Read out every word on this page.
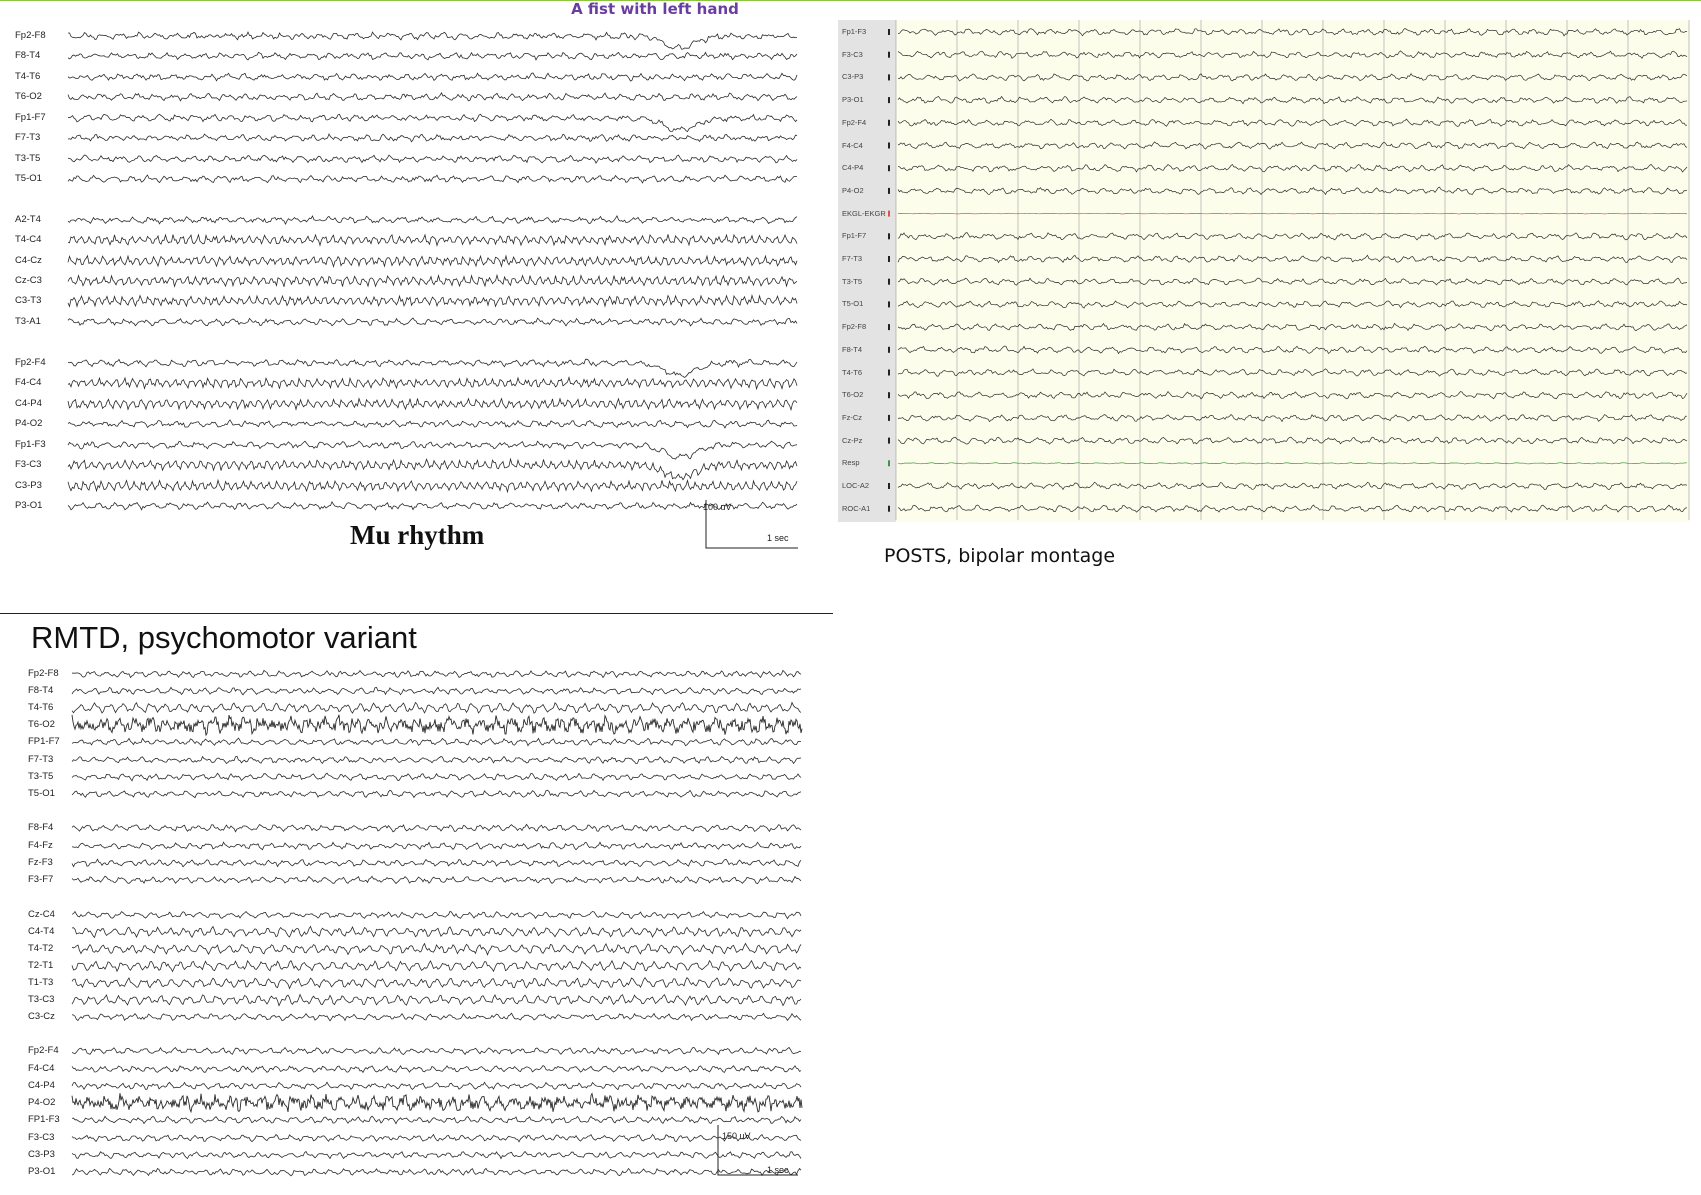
A fist with left hand
Fp2-F8
F8-T4
T4-T6
T6-O2
Fp1-F7
F7-T3
T3-T5
T5-O1
A2-T4
T4-C4
C4-Cz
Cz-C3
C3-T3
T3-A1
Fp2-F4
F4-C4
C4-P4
P4-O2
Fp1-F3
F3-C3
C3-P3
P3-O1
Mu rhythm
100 uV
1 sec
Fp1-F3
F3-C3
C3-P3
P3-O1
Fp2-F4
F4-C4
C4-P4
P4-O2
EKGL-EKGR
Fp1-F7
F7-T3
T3-T5
T5-O1
Fp2-F8
F8-T4
T4-T6
T6-O2
Fz-Cz
Cz-Pz
Resp
LOC-A2
ROC-A1
POSTS, bipolar montage
RMTD, psychomotor variant
Fp2-F8
F8-T4
T4-T6
T6-O2
FP1-F7
F7-T3
T3-T5
T5-O1
F8-F4
F4-Fz
Fz-F3
F3-F7
Cz-C4
C4-T4
T4-T2
T2-T1
T1-T3
T3-C3
C3-Cz
Fp2-F4
F4-C4
C4-P4
P4-O2
FP1-F3
F3-C3
C3-P3
P3-O1
150 uV
1 sec
